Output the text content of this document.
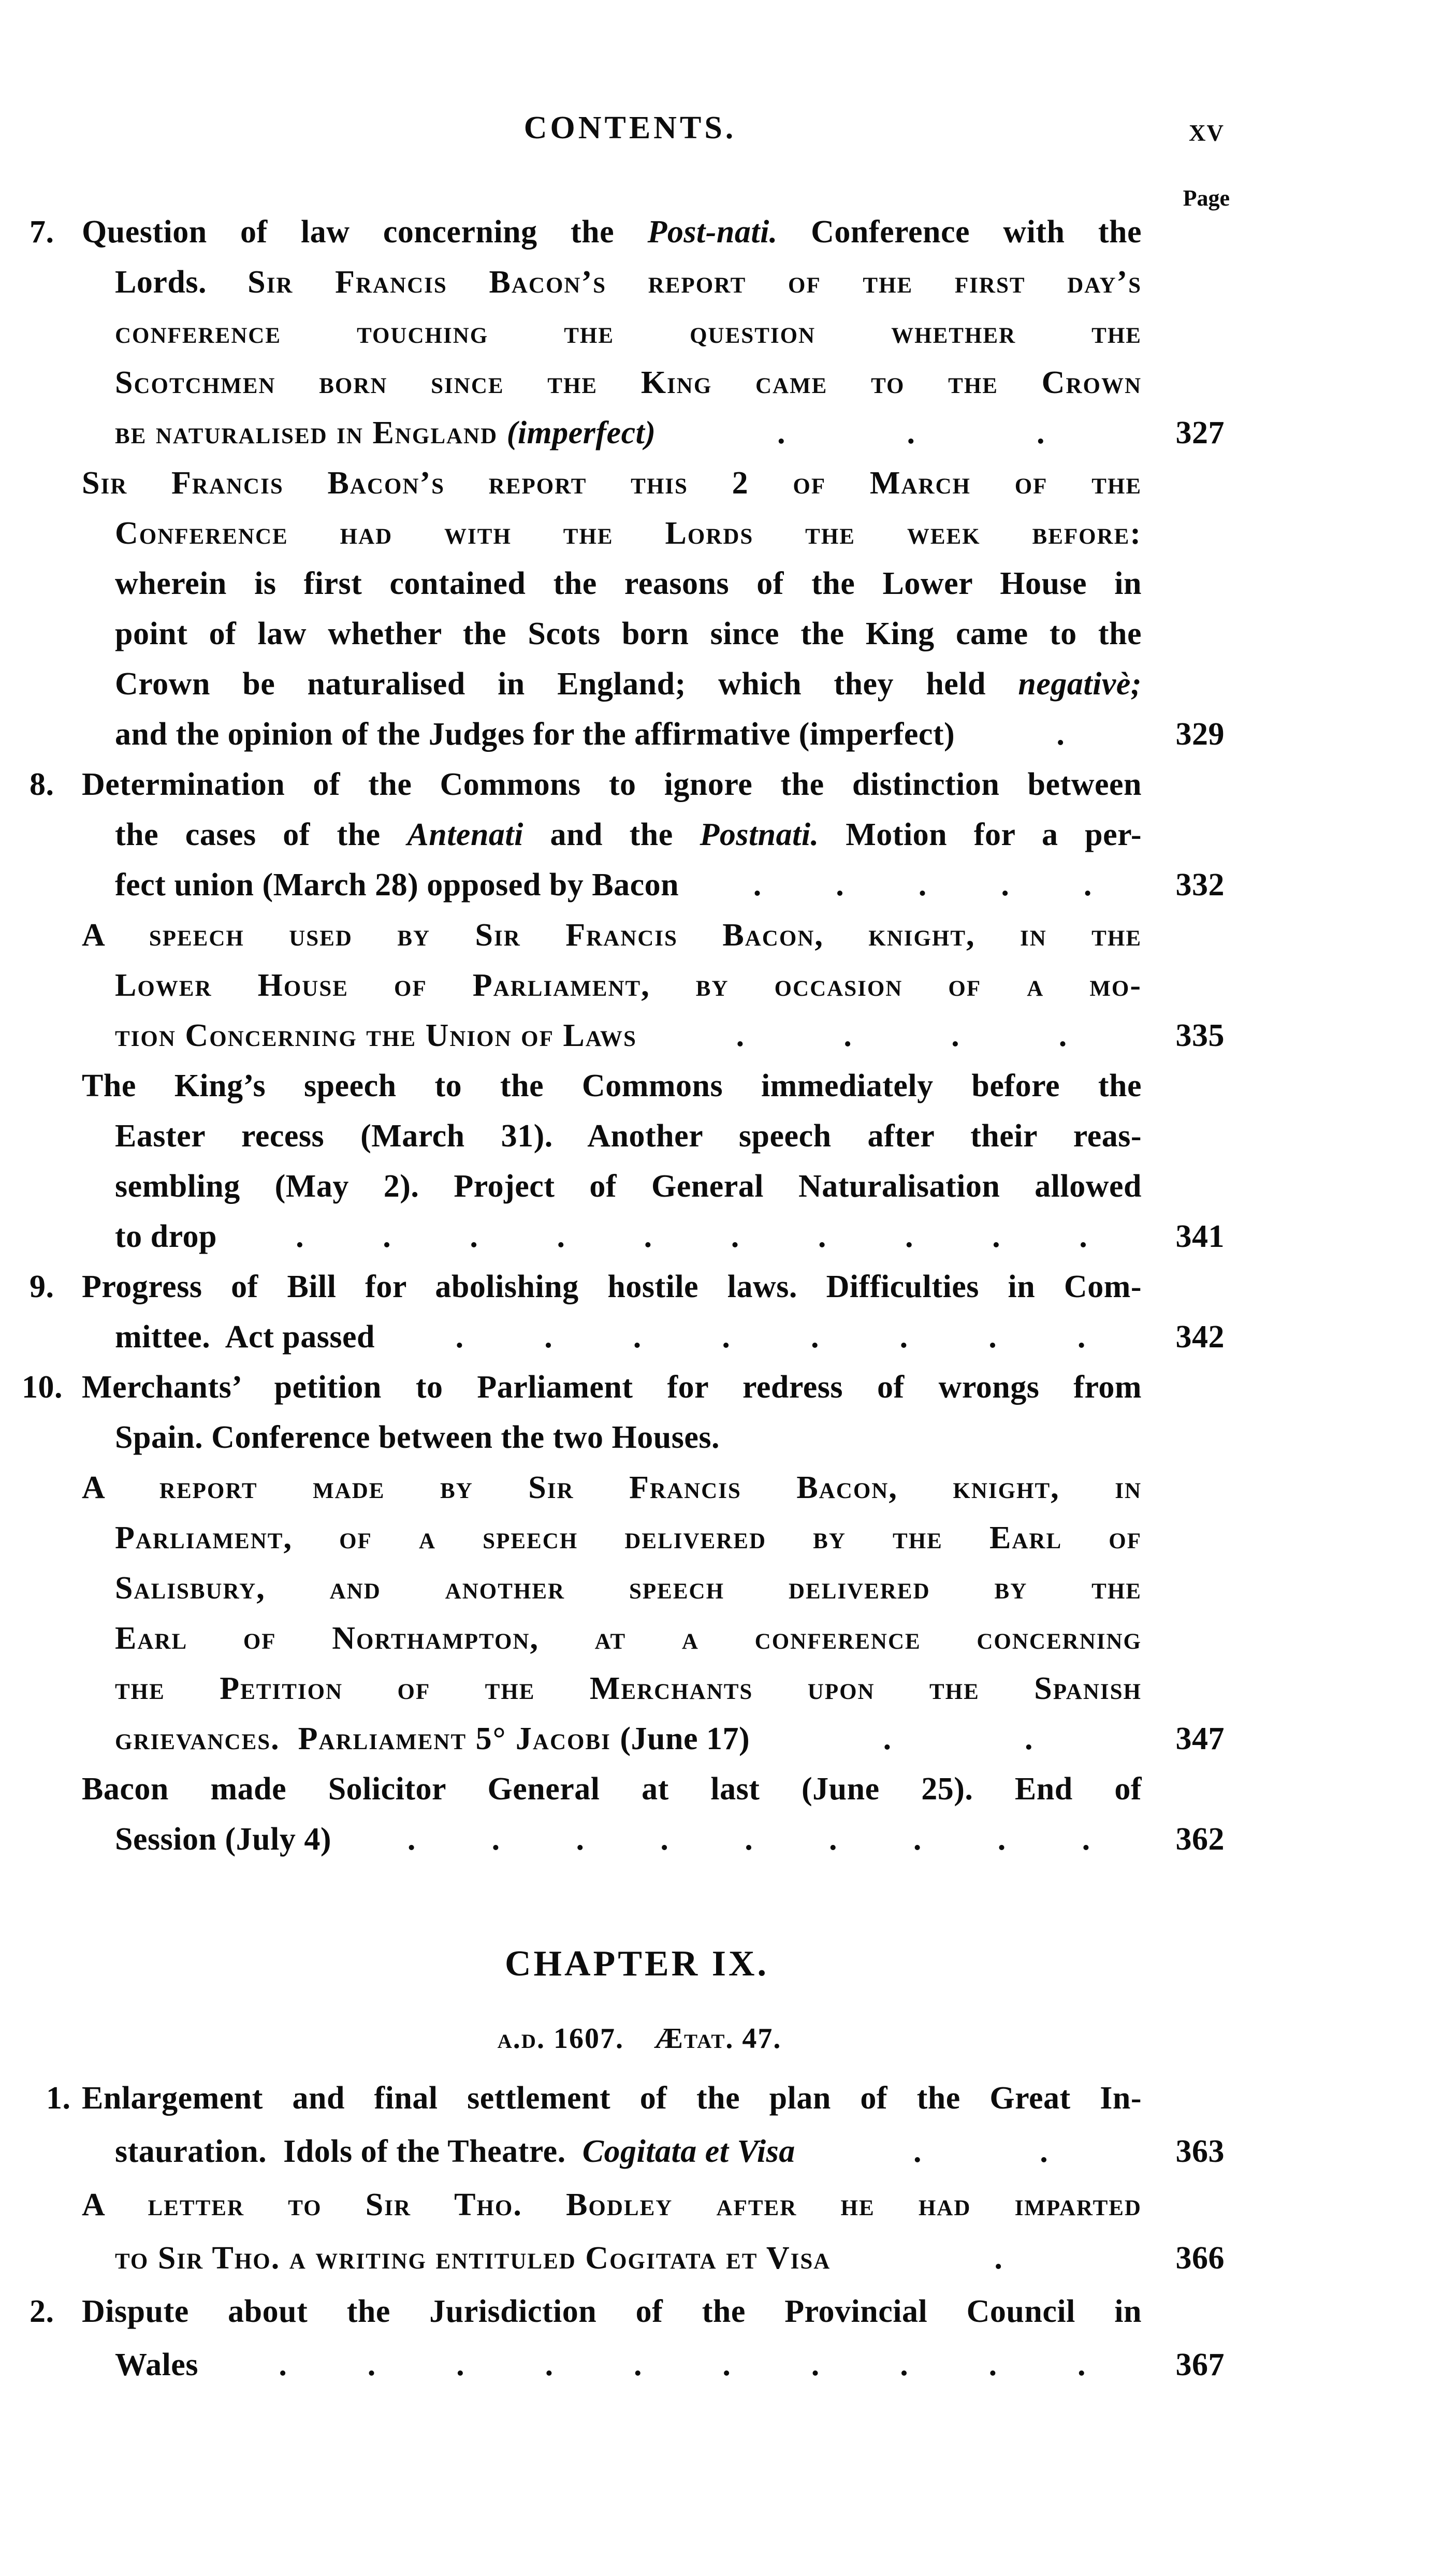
CONTENTS.	xv
Page
7. Question of law concerning the Post-nati. Conference with the
Lords. Sir Francis Bacon’s report of the first day’s
conference touching the question whether the
Scotchmen born since the King came to the Crown
be naturalised in England (imperfect)	.	.	.	327
Sir Francis Bacon’s report this 2 of March of the
Conference had with the Lords the week before:
wherein is first contained the reasons of the Lower House in
point of law whether the Scots born since the King came to the
Crown be naturalised in England; which they held negativè;
and the opinion of the Judges for the affirmative (imperfect)	.	329
8. Determination of the Commons to ignore the distinction between
the cases of the Antenati and the Postnati. Motion for a per-
fect union (March 28) opposed by Bacon . . . . .	332
A speech used by Sir Francis Bacon, knight, in the
Lower House of Parliament, by occasion of a mo-
tion Concerning the Union of Laws	.	.	.	.	335
The King’s speech to the Commons immediately before the
Easter recess (March 31). Another speech after their reas-
sembling (May 2). Project of General Naturalisation allowed
to drop . . . . . . . . . .	341
9. Progress of Bill for abolishing hostile laws. Difficulties in Com-
mittee.  Act passed	.	.	.	.	.	.	.	.	342
10. Merchants’ petition to Parliament for redress of wrongs from
Spain. Conference between the two Houses.
A report made by Sir Francis Bacon, knight, in
Parliament, of a speech delivered by the Earl of
Salisbury, and another speech delivered by the
Earl of Northampton, at a conference concerning
the Petition of the Merchants upon the Spanish
grievances.  Parliament 5° Jacobi (June 17)	.	.	347
Bacon made Solicitor General at last (June 25). End of
Session (July 4) . . . . . . . . .	362
CHAPTER IX.
a.d. 1607. Ætat. 47.
1. Enlargement and final settlement of the plan of the Great In-
stauration.  Idols of the Theatre.  Cogitata et Visa	.	.	363
A letter to Sir Tho. Bodley after he had imparted
to Sir Tho. a writing entituled Cogitata et Visa	.	366
2. Dispute about the Jurisdiction of the Provincial Council in
Wales	.	.	.	.	.	.	.	.	.	.	367
